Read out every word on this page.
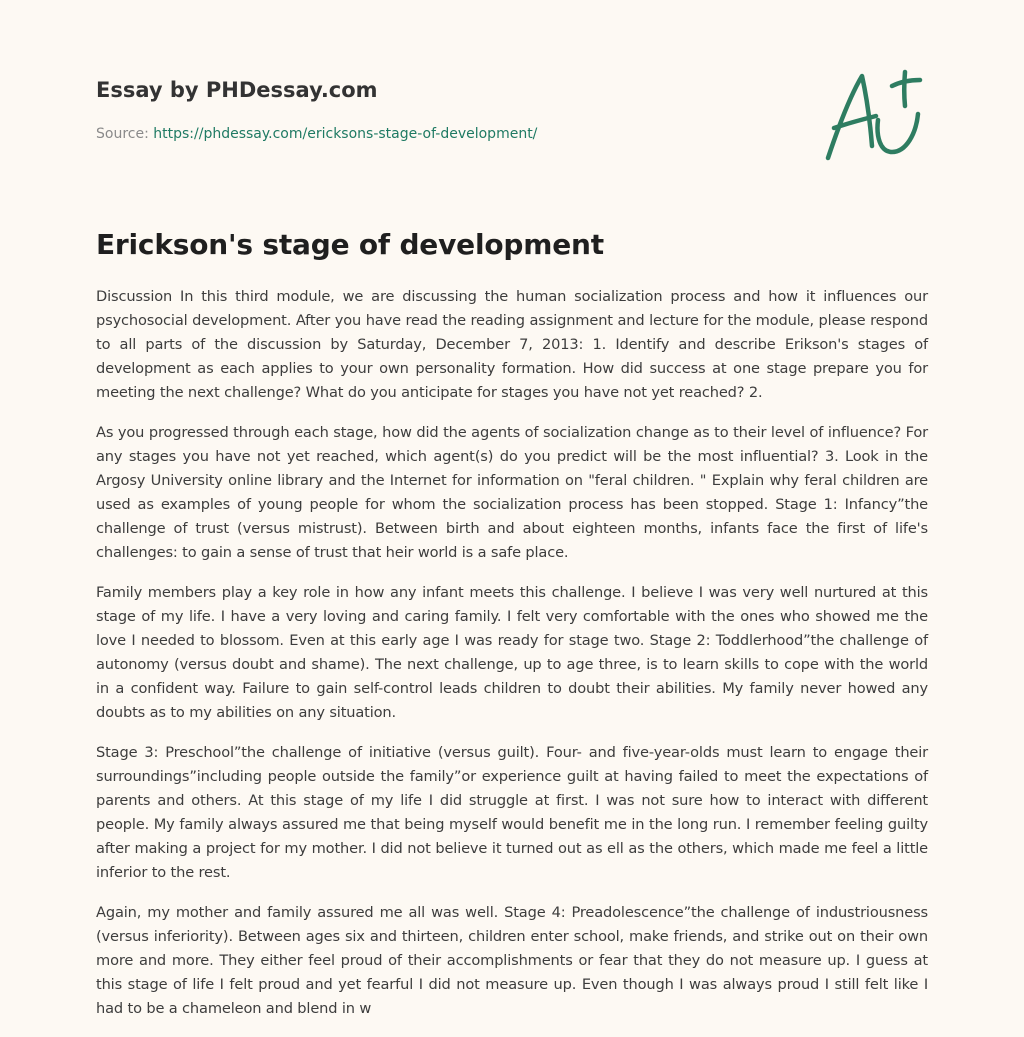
Essay by PHDessay.com
Source: https://phdessay.com/ericksons-stage-of-development/
Erickson's stage of development

Discussion In this third module, we are discussing the human socialization process and how it influences our psychosocial development. After you have read the reading assignment and lecture for the module, please respond to all parts of the discussion by Saturday, December 7, 2013: 1. Identify and describe Erikson's stages of development as each applies to your own personality formation. How did success at one stage prepare you for meeting the next challenge? What do you anticipate for stages you have not yet reached? 2.

As you progressed through each stage, how did the agents of socialization change as to their level of influence? For any stages you have not yet reached, which agent(s) do you predict will be the most influential? 3. Look in the Argosy University online library and the Internet for information on "feral children. " Explain why feral children are used as examples of young people for whom the socialization process has been stopped. Stage 1: Infancy”the challenge of trust (versus mistrust). Between birth and about eighteen months, infants face the first of life's challenges: to gain a sense of trust that heir world is a safe place.

Family members play a key role in how any infant meets this challenge. I believe I was very well nurtured at this stage of my life. I have a very loving and caring family. I felt very comfortable with the ones who showed me the love I needed to blossom. Even at this early age I was ready for stage two. Stage 2: Toddlerhood”the challenge of autonomy (versus doubt and shame). The next challenge, up to age three, is to learn skills to cope with the world in a confident way. Failure to gain self-control leads children to doubt their abilities. My family never howed any doubts as to my abilities on any situation.

Stage 3: Preschool”the challenge of initiative (versus guilt). Four- and five-year-olds must learn to engage their surroundings”including people outside the family”or experience guilt at having failed to meet the expectations of parents and others. At this stage of my life I did struggle at first. I was not sure how to interact with different people. My family always assured me that being myself would benefit me in the long run. I remember feeling guilty after making a project for my mother. I did not believe it turned out as ell as the others, which made me feel a little inferior to the rest.

Again, my mother and family assured me all was well. Stage 4: Preadolescence”the challenge of industriousness (versus inferiority). Between ages six and thirteen, children enter school, make friends, and strike out on their own more and more. They either feel proud of their accomplishments or fear that they do not measure up. I guess at this stage of life I felt proud and yet fearful I did not measure up. Even though I was always proud I still felt like I had to be a chameleon and blend in w
